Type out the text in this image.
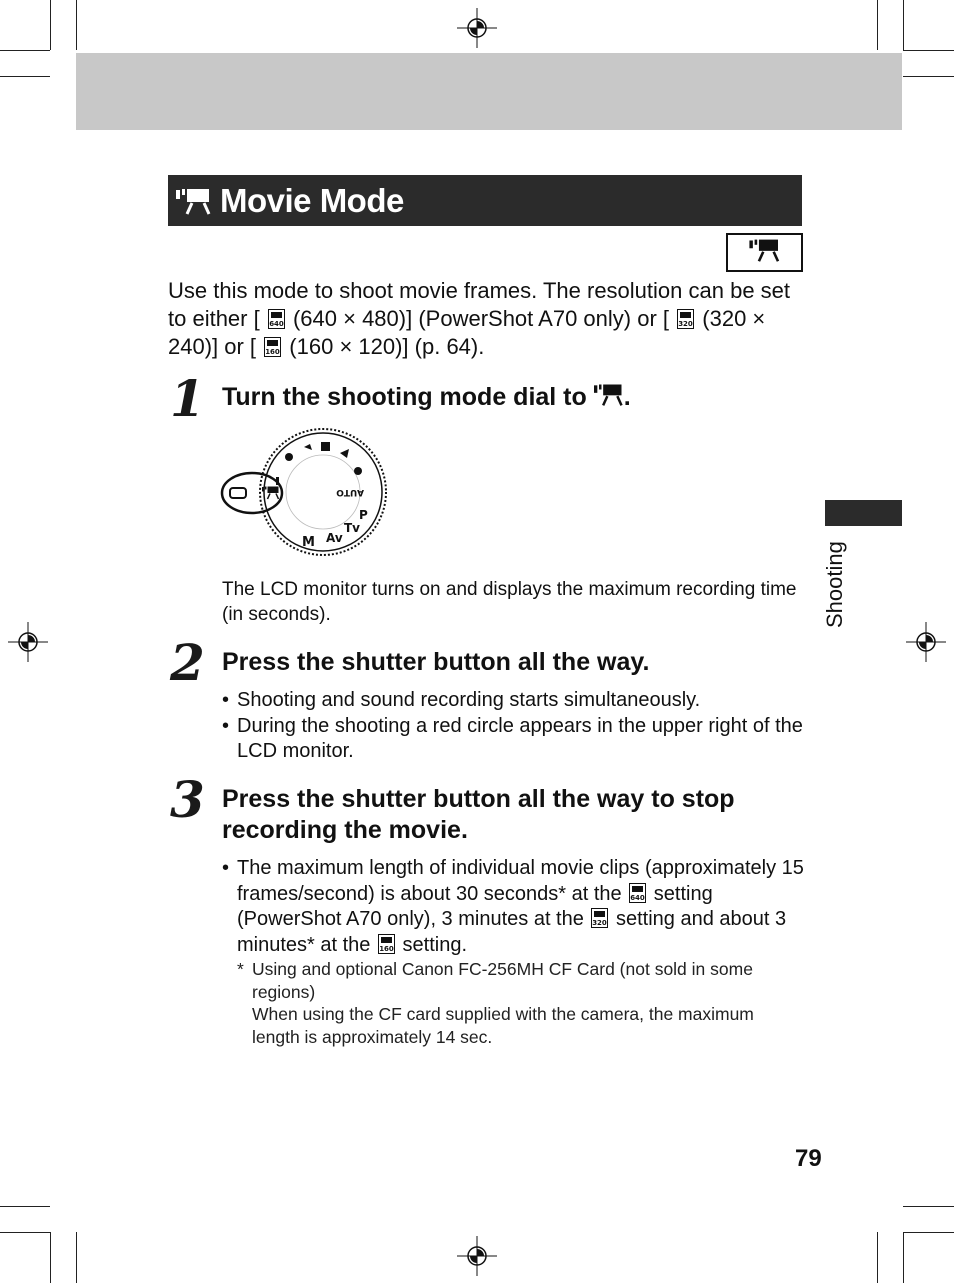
Movie Mode
Use this mode to shoot movie frames. The resolution can be set to either [ 640 (640 × 480)] (PowerShot A70 only) or [ 320 (320 × 240)] or [ 160 (160 × 120)] (p. 64).
1 Turn the shooting mode dial to .
AUTO
P
Tv
Av
M
The LCD monitor turns on and displays the maximum recording time (in seconds).
2 Press the shutter button all the way.
• Shooting and sound recording starts simultaneously.
• During the shooting a red circle appears in the upper right of the LCD monitor.
3 Press the shutter button all the way to stop recording the movie.
• The maximum length of individual movie clips (approximately 15 frames/second) is about 30 seconds* at the 640 setting (PowerShot A70 only), 3 minutes at the 320 setting and about 3 minutes* at the 160 setting.
* Using and optional Canon FC-256MH CF Card (not sold in some regions)
When using the CF card supplied with the camera, the maximum length is approximately 14 sec.
Shooting
79
